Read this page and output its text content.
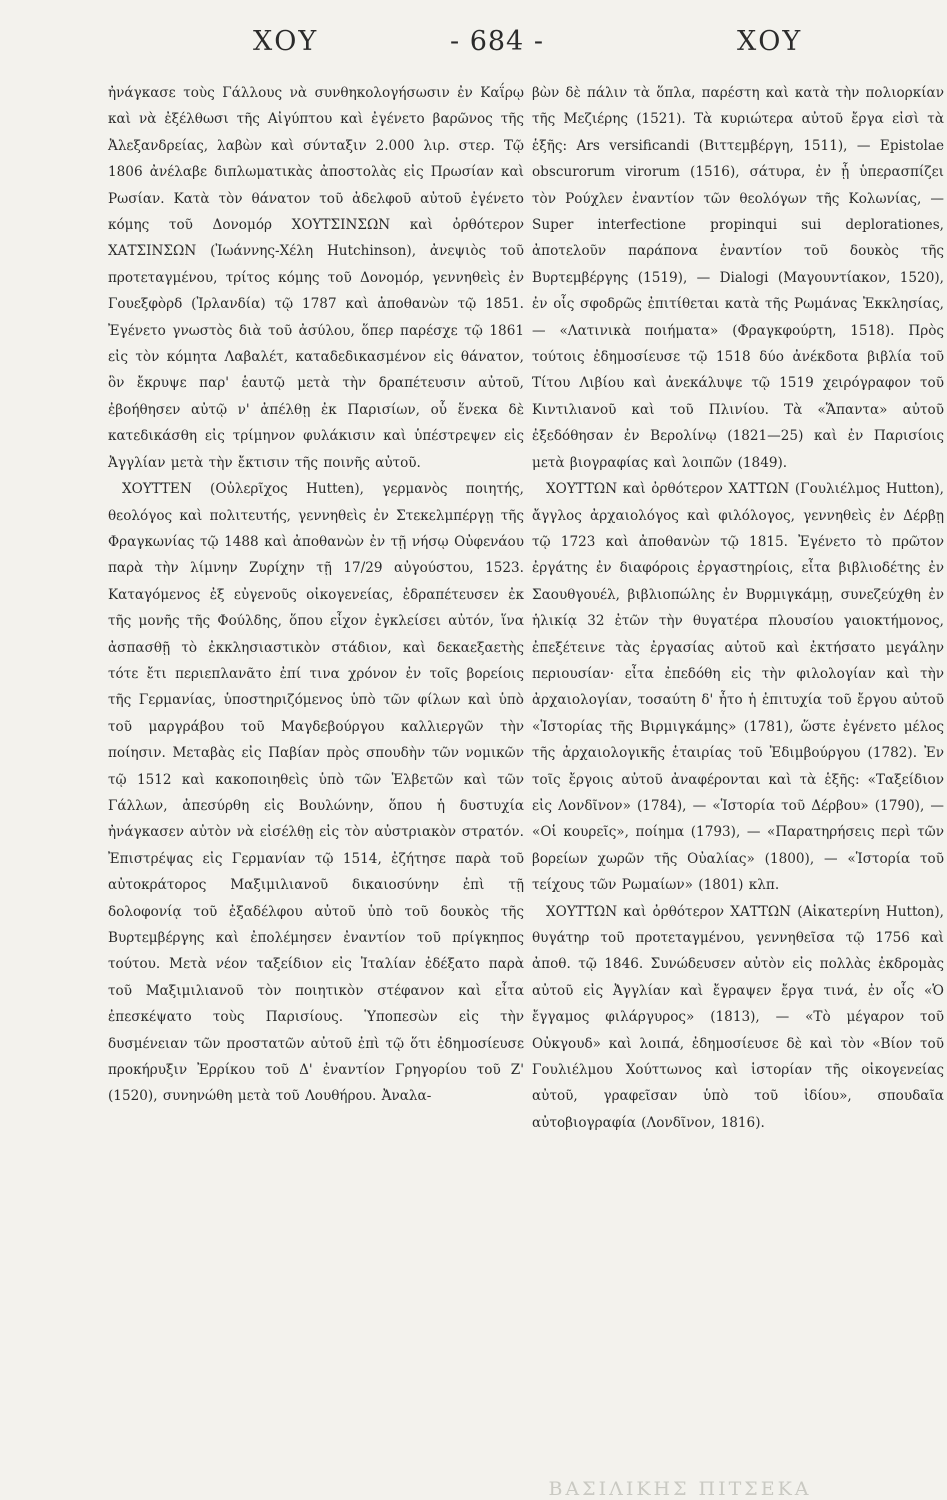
ΧΟΥ	- 684 -	ΧΟΥ

ἠνάγκασε τοὺς Γάλλους νὰ συνθηκολογήσωσιν ἐν Καΐρῳ καὶ νὰ ἐξέλθωσι τῆς Αἰγύπτου καὶ ἐγένετο βαρῶνος τῆς Ἀλεξανδρείας, λαβὼν καὶ σύνταξιν 2.000 λιρ. στερ. Τῷ 1806 ἀνέλαβε διπλωματικὰς ἀποστολὰς εἰς Πρωσίαν καὶ Ρωσίαν. Κατὰ τὸν θάνατον τοῦ ἀδελφοῦ αὐτοῦ ἐγένετο κόμης τοῦ Δονομόρ ΧΟΥΤΣΙΝΣΩΝ καὶ ὀρθότερον ΧΑΤΣΙΝΣΩΝ (Ἰωάννης-Χέλη Hutchinson), ἀνεψιὸς τοῦ προτεταγμένου, τρίτος κόμης τοῦ Δονομόρ, γεννηθεὶς ἐν Γουεξφὸρδ (Ἰρλανδία) τῷ 1787 καὶ ἀποθανὼν τῷ 1851. Ἐγένετο γνωστὸς διὰ τοῦ ἀσύλου, ὅπερ παρέσχε τῷ 1861 εἰς τὸν κόμητα Λαβαλέτ, καταδεδικασμένον εἰς θάνατον, ὃν ἔκρυψε παρ' ἑαυτῷ μετὰ τὴν δραπέτευσιν αὐτοῦ, ἐβοήθησεν αὐτῷ ν' ἀπέλθῃ ἐκ Παρισίων, οὗ ἕνεκα δὲ κατεδικάσθη εἰς τρίμηνον φυλάκισιν καὶ ὑπέστρεψεν εἰς Ἀγγλίαν μετὰ τὴν ἔκτισιν τῆς ποινῆς αὐτοῦ.

ΧΟΥΤΤΕΝ (Οὐλερῖχος Hutten), γερμανὸς ποιητής, θεολόγος καὶ πολιτευτής, γεννηθεὶς ἐν Στεκελμπέργῃ τῆς Φραγκωνίας τῷ 1488 καὶ ἀποθανὼν ἐν τῇ νήσῳ Οὐφενάου παρὰ τὴν λίμνην Ζυρίχην τῇ 17/29 αὐγούστου, 1523. Καταγόμενος ἐξ εὐγενοῦς οἰκογενείας, ἐδραπέτευσεν ἐκ τῆς μονῆς τῆς Φούλδης, ὅπου εἶχον ἐγκλείσει αὐτόν, ἵνα ἀσπασθῇ τὸ ἐκκλησιαστικὸν στάδιον, καὶ δεκαεξαετὴς τότε ἔτι περιεπλανᾶτο ἐπί τινα χρόνον ἐν τοῖς βορείοις τῆς Γερμανίας, ὑποστηριζόμενος ὑπὸ τῶν φίλων καὶ ὑπὸ τοῦ μαργράβου τοῦ Μαγδεβούργου καλλιεργῶν τὴν ποίησιν. Μεταβὰς εἰς Παβίαν πρὸς σπουδὴν τῶν νομικῶν τῷ 1512 καὶ κακοποιηθεὶς ὑπὸ τῶν Ἑλβετῶν καὶ τῶν Γάλλων, ἀπεσύρθη εἰς Βουλώνην, ὅπου ἡ δυστυχία ἠνάγκασεν αὐτὸν νὰ εἰσέλθῃ εἰς τὸν αὐστριακὸν στρατόν. Ἐπιστρέψας εἰς Γερμανίαν τῷ 1514, ἐζήτησε παρὰ τοῦ αὐτοκράτορος Μαξιμιλιανοῦ δικαιοσύνην ἐπὶ τῇ δολοφονίᾳ τοῦ ἐξαδέλφου αὐτοῦ ὑπὸ τοῦ δουκὸς τῆς Βυρτεμβέργης καὶ ἐπολέμησεν ἐναντίον τοῦ πρίγκηπος τούτου. Μετὰ νέον ταξείδιον εἰς Ἰταλίαν ἐδέξατο παρὰ τοῦ Μαξιμιλιανοῦ τὸν ποιητικὸν στέφανον καὶ εἶτα ἐπεσκέψατο τοὺς Παρισίους. Ὑποπεσὼν εἰς τὴν δυσμένειαν τῶν προστατῶν αὐτοῦ ἐπὶ τῷ ὅτι ἐδημοσίευσε προκήρυξιν Ἐρρίκου τοῦ Δ' ἐναντίον Γρηγορίου τοῦ Ζ' (1520), συνηνώθη μετὰ τοῦ Λουθήρου. Ἀναλα-

βὼν δὲ πάλιν τὰ ὅπλα, παρέστη καὶ κατὰ τὴν πολιορκίαν τῆς Μεζιέρης (1521). Τὰ κυριώτερα αὐτοῦ ἔργα εἰσὶ τὰ ἑξῆς: Ars versificandi (Βιττεμβέργη, 1511), — Epistolae obscurorum virorum (1516), σάτυρα, ἐν ᾗ ὑπερασπίζει τὸν Ρούχλεν ἐναντίον τῶν θεολόγων τῆς Κολωνίας, — Super interfectione propinqui sui deplorationes, ἀποτελοῦν παράπονα ἐναντίον τοῦ δουκὸς τῆς Βυρτεμβέργης (1519), — Dialogi (Μαγουντίακον, 1520), ἐν οἷς σφοδρῶς ἐπιτίθεται κατὰ τῆς Ρωμάνας Ἐκκλησίας, — «Λατινικὰ ποιήματα» (Φραγκφούρτη, 1518). Πρὸς τούτοις ἐδημοσίευσε τῷ 1518 δύο ἀνέκδοτα βιβλία τοῦ Τίτου Λιβίου καὶ ἀνεκάλυψε τῷ 1519 χειρόγραφον τοῦ Κιντιλιανοῦ καὶ τοῦ Πλινίου. Τὰ «Ἅπαντα» αὐτοῦ ἐξεδόθησαν ἐν Βερολίνῳ (1821—25) καὶ ἐν Παρισίοις μετὰ βιογραφίας καὶ λοιπῶν (1849).

ΧΟΥΤΤΩΝ καὶ ὀρθότερον ΧΑΤΤΩΝ (Γουλιέλμος Hutton), ἄγγλος ἀρχαιολόγος καὶ φιλόλογος, γεννηθεὶς ἐν Δέρβῃ τῷ 1723 καὶ ἀποθανὼν τῷ 1815. Ἐγένετο τὸ πρῶτον ἐργάτης ἐν διαφόροις ἐργαστηρίοις, εἶτα βιβλιοδέτης ἐν Σαουθγουέλ, βιβλιοπώλης ἐν Βυρμιγκάμῃ, συνεζεύχθη ἐν ἡλικίᾳ 32 ἐτῶν τὴν θυγατέρα πλουσίου γαιοκτήμονος, ἐπεξέτεινε τὰς ἐργασίας αὐτοῦ καὶ ἐκτήσατο μεγάλην περιουσίαν· εἶτα ἐπεδόθη εἰς τὴν φιλολογίαν καὶ τὴν ἀρχαιολογίαν, τοσαύτη δ' ἦτο ἡ ἐπιτυχία τοῦ ἔργου αὐτοῦ «Ἱστορίας τῆς Βιρμιγκάμης» (1781), ὥστε ἐγένετο μέλος τῆς ἀρχαιολογικῆς ἑταιρίας τοῦ Ἐδιμβούργου (1782). Ἐν τοῖς ἔργοις αὐτοῦ ἀναφέρονται καὶ τὰ ἑξῆς: «Ταξείδιον εἰς Λονδῖνον» (1784), — «Ἱστορία τοῦ Δέρβου» (1790), — «Οἱ κουρεῖς», ποίημα (1793), — «Παρατηρήσεις περὶ τῶν βορείων χωρῶν τῆς Οὐαλίας» (1800), — «Ἱστορία τοῦ τείχους τῶν Ρωμαίων» (1801) κλπ.

ΧΟΥΤΤΩΝ καὶ ὀρθότερον ΧΑΤΤΩΝ (Αἰκατερίνη Hutton), θυγάτηρ τοῦ προτεταγμένου, γεννηθεῖσα τῷ 1756 καὶ ἀποθ. τῷ 1846. Συνώδευσεν αὐτὸν εἰς πολλὰς ἐκδρομὰς αὐτοῦ εἰς Ἀγγλίαν καὶ ἔγραψεν ἔργα τινά, ἐν οἷς «Ὁ ἔγγαμος φιλάργυρος» (1813), — «Τὸ μέγαρον τοῦ Οὐκγουδ» καὶ λοιπά, ἐδημοσίευσε δὲ καὶ τὸν «Βίον τοῦ Γουλιέλμου Χούττωνος καὶ ἱστορίαν τῆς οἰκογενείας αὐτοῦ, γραφεῖσαν ὑπὸ τοῦ ἰδίου», σπουδαῖα αὐτοβιογραφία (Λονδῖνον, 1816).

ΒΑΣΙΛΙΚΗΣ ΠΙΤΣΕΚΑ
